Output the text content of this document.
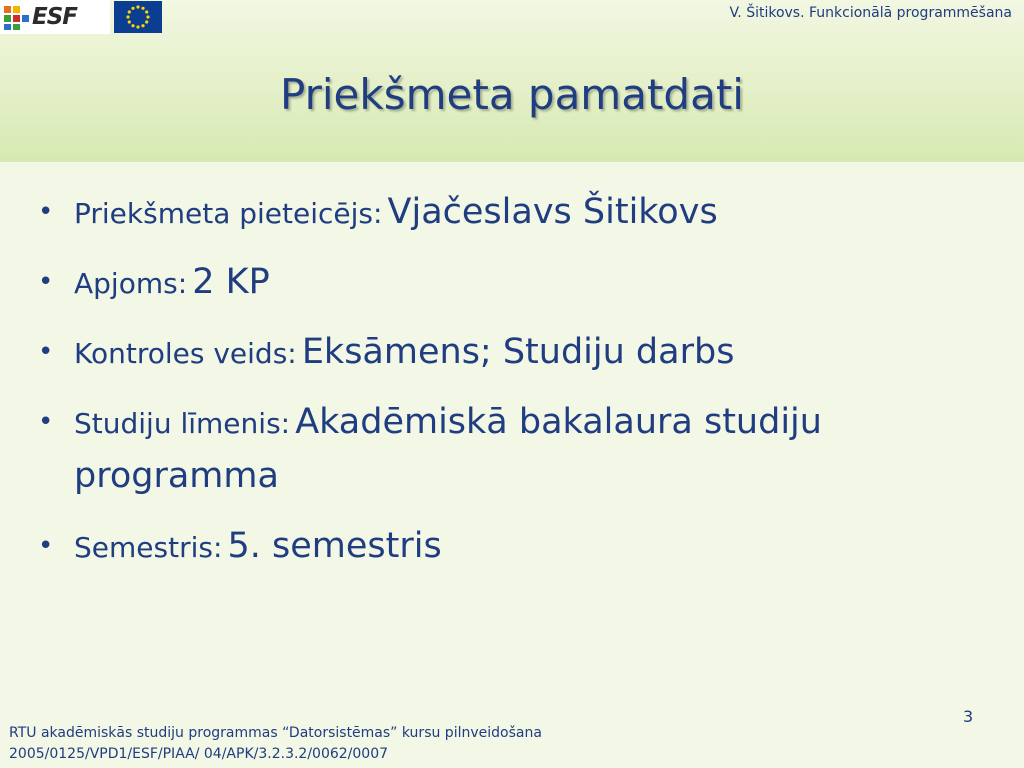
ESF	V. Šitikovs. Funkcionālā programmēšana
Priekšmeta pamatdati
• Priekšmeta pieteicējs: Vjačeslavs Šitikovs
• Apjoms: 2 KP
• Kontroles veids: Eksāmens; Studiju darbs
• Studiju līmenis: Akadēmiskā bakalaura studiju programma
• Semestris: 5. semestris
3
RTU akadēmiskās studiju programmas “Datorsistēmas” kursu pilnveidošana
2005/0125/VPD1/ESF/PIAA/ 04/APK/3.2.3.2/0062/0007
